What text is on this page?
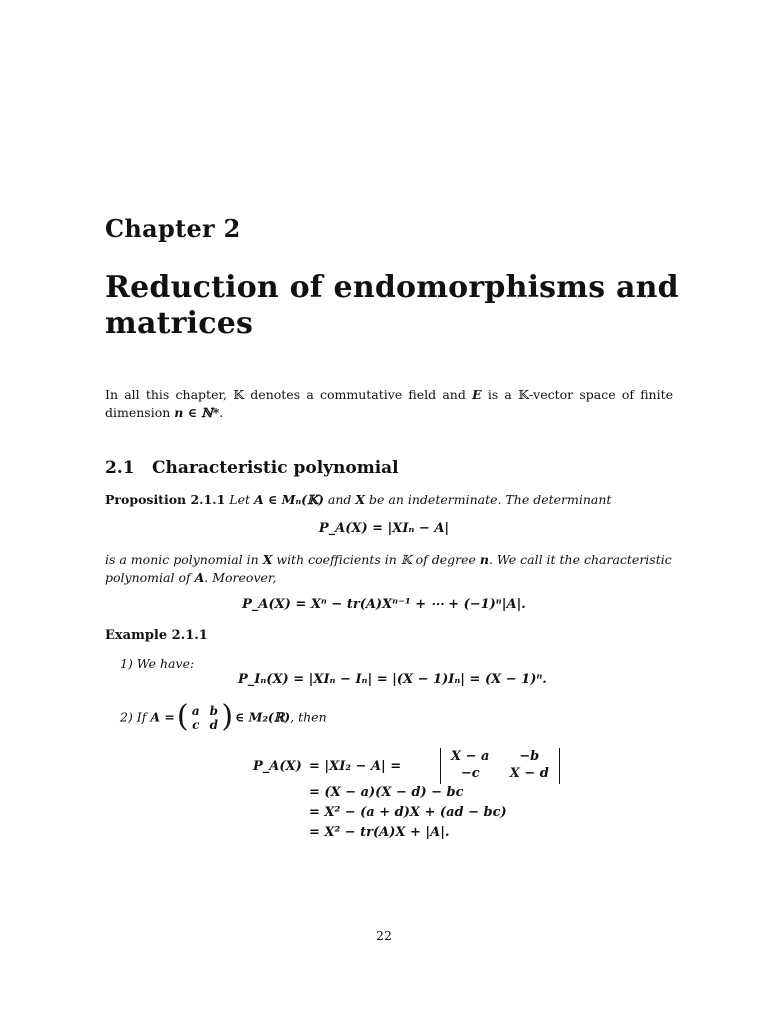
Chapter 2
Reduction of endomorphisms and matrices
In all this chapter, 𝕂 denotes a commutative field and E is a 𝕂-vector space of finite dimension n ∈ ℕ*.
2.1 Characteristic polynomial
Proposition 2.1.1 Let A ∈ Mₙ(𝕂) and X be an indeterminate. The determinant
P_A(X) = |XIₙ − A|
is a monic polynomial in X with coefficients in 𝕂 of degree n. We call it the characteristic polynomial of A. Moreover,
P_A(X) = Xⁿ − tr(A)Xⁿ⁻¹ + ⋯ + (−1)ⁿ|A|.
Example 2.1.1
1) We have:
P_Iₙ(X) = |XIₙ − Iₙ| = |(X − 1)Iₙ| = (X − 1)ⁿ.
2) If A = ( a	b
c	d ) ∈ M₂(ℝ), then
P_A(X) = |XI₂ − A| =
X − a	−b
−c	X − d
= (X − a)(X − d) − bc
= X² − (a + d)X + (ad − bc)
= X² − tr(A)X + |A|.
22
